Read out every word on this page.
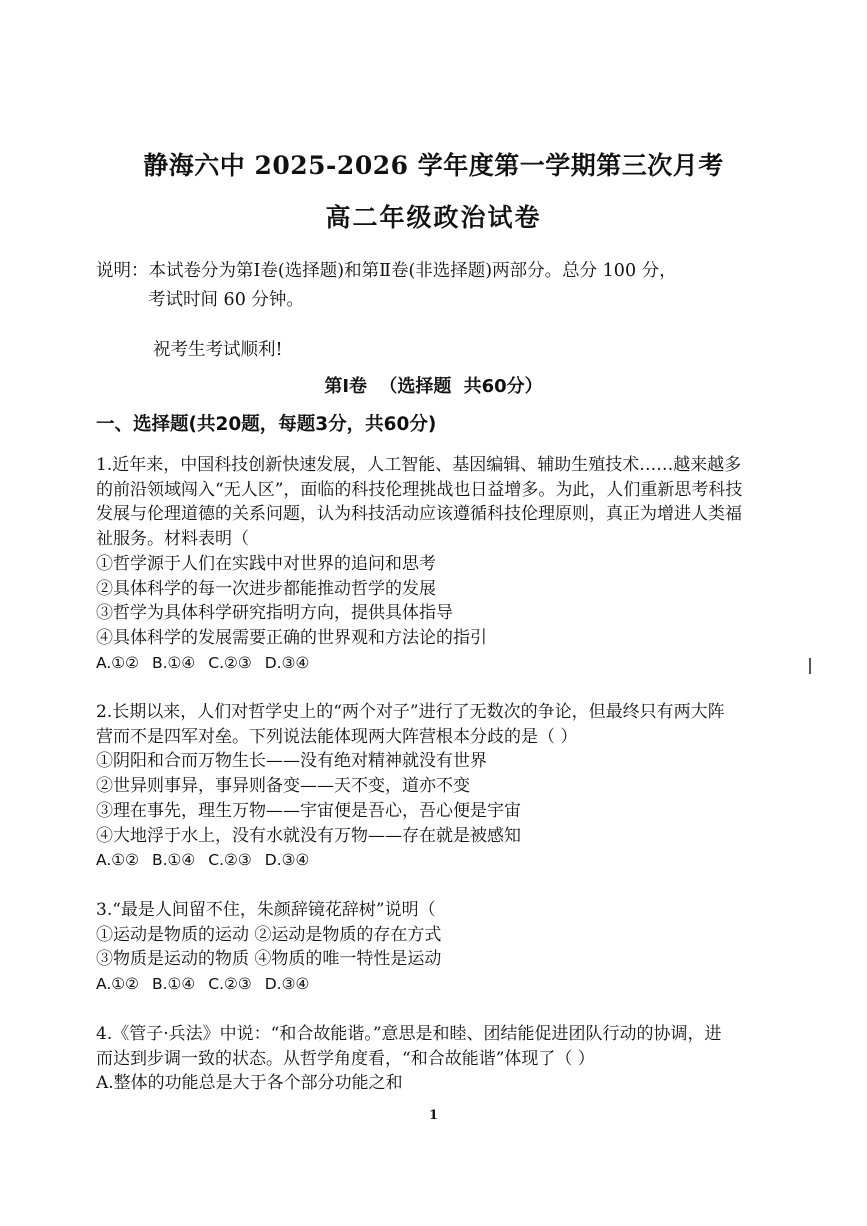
静海六中 2025-2026 学年度第一学期第三次月考
高二年级政治试卷
说明：本试卷分为第Ⅰ卷(选择题)和第Ⅱ卷(非选择题)两部分。总分 100 分，
考试时间 60 分钟。
祝考生考试顺利!
第Ⅰ卷 （选择题 共60分）
一、选择题(共20题，每题3分，共60分)

1.近年来，中国科技创新快速发展，人工智能、基因编辑、辅助生殖技术……越来越多

的前沿领域闯入“无人区”，面临的科技伦理挑战也日益增多。为此，人们重新思考科技

发展与伦理道德的关系问题，认为科技活动应该遵循科技伦理原则，真正为增进人类福

祉服务。材料表明（

①哲学源于人们在实践中对世界的追问和思考
②具体科学的每一次进步都能推动哲学的发展
③哲学为具体科学研究指明方向，提供具体指导
④具体科学的发展需要正确的世界观和方法论的指引
A.①② B.①④ C.②③ D.③④

2.长期以来，人们对哲学史上的“两个对子”进行了无数次的争论，但最终只有两大阵

营而不是四军对垒。下列说法能体现两大阵营根本分歧的是（ ）

①阴阳和合而万物生长——没有绝对精神就没有世界
②世异则事异，事异则备变——天不变，道亦不变
③理在事先，理生万物——宇宙便是吾心，吾心便是宇宙
④大地浮于水上，没有水就没有万物——存在就是被感知
A.①② B.①④ C.②③ D.③④

3.“最是人间留不住，朱颜辞镜花辞树”说明（

①运动是物质的运动 ②运动是物质的存在方式
③物质是运动的物质 ④物质的唯一特性是运动
A.①② B.①④ C.②③ D.③④

4.《管子·兵法》中说：“和合故能谐。”意思是和睦、团结能促进团队行动的协调，进

而达到步调一致的状态。从哲学角度看，“和合故能谐”体现了（ ）

A.整体的功能总是大于各个部分功能之和
1
